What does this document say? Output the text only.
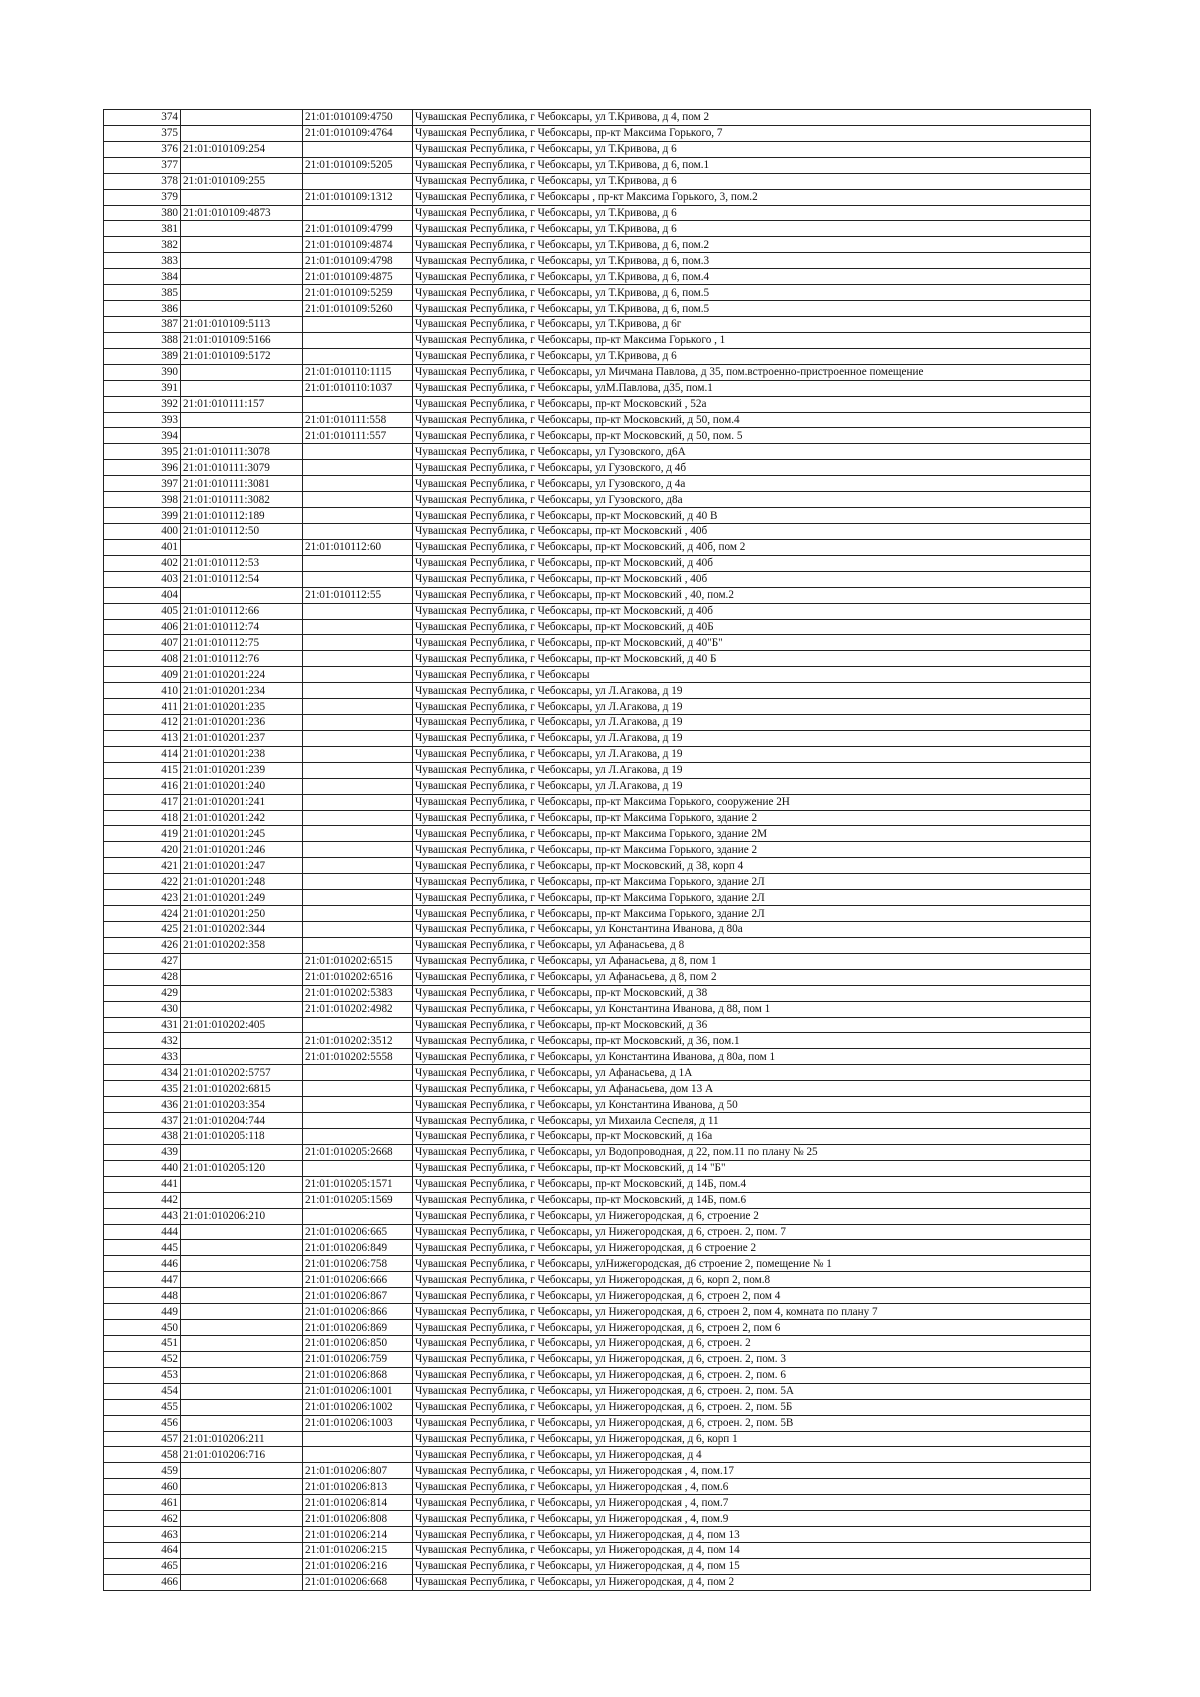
374		21:01:010109:4750	Чувашская Республика, г Чебоксары, ул Т.Кривова, д 4, пом 2
375		21:01:010109:4764	Чувашская Республика, г Чебоксары, пр-кт Максима Горького, 7
376	21:01:010109:254		Чувашская Республика, г Чебоксары, ул Т.Кривова, д 6
377		21:01:010109:5205	Чувашская Республика, г Чебоксары, ул Т.Кривова, д 6, пом.1
378	21:01:010109:255		Чувашская Республика, г Чебоксары, ул Т.Кривова, д 6
379		21:01:010109:1312	Чувашская Республика, г Чебоксары , пр-кт Максима Горького, 3, пом.2
380	21:01:010109:4873		Чувашская Республика, г Чебоксары, ул Т.Кривова, д 6
381		21:01:010109:4799	Чувашская Республика, г Чебоксары, ул Т.Кривова, д 6
382		21:01:010109:4874	Чувашская Республика, г Чебоксары, ул Т.Кривова, д 6, пом.2
383		21:01:010109:4798	Чувашская Республика, г Чебоксары, ул Т.Кривова, д 6, пом.3
384		21:01:010109:4875	Чувашская Республика, г Чебоксары, ул Т.Кривова, д 6, пом.4
385		21:01:010109:5259	Чувашская Республика, г Чебоксары, ул Т.Кривова, д 6, пом.5
386		21:01:010109:5260	Чувашская Республика, г Чебоксары, ул Т.Кривова, д 6, пом.5
387	21:01:010109:5113		Чувашская Республика, г Чебоксары, ул Т.Кривова, д 6г
388	21:01:010109:5166		Чувашская Республика, г Чебоксары, пр-кт Максима Горького , 1
389	21:01:010109:5172		Чувашская Республика, г Чебоксары, ул Т.Кривова, д 6
390		21:01:010110:1115	Чувашская Республика, г Чебоксары, ул Мичмана Павлова, д 35, пом.встроенно-пристроенное помещение
391		21:01:010110:1037	Чувашская Республика, г Чебоксары, улМ.Павлова, д35, пом.1
392	21:01:010111:157		Чувашская Республика, г Чебоксары, пр-кт Московский , 52а
393		21:01:010111:558	Чувашская Республика, г Чебоксары, пр-кт Московский, д 50, пом.4
394		21:01:010111:557	Чувашская Республика, г Чебоксары, пр-кт Московский, д 50, пом. 5
395	21:01:010111:3078		Чувашская Республика, г Чебоксары, ул Гузовского, д6А
396	21:01:010111:3079		Чувашская Республика, г Чебоксары, ул Гузовского, д 4б
397	21:01:010111:3081		Чувашская Республика, г Чебоксары, ул Гузовского, д 4а
398	21:01:010111:3082		Чувашская Республика, г Чебоксары, ул Гузовского, д8а
399	21:01:010112:189		Чувашская Республика, г Чебоксары, пр-кт Московский, д 40 В
400	21:01:010112:50		Чувашская Республика, г Чебоксары, пр-кт Московский , 40б
401		21:01:010112:60	Чувашская Республика, г Чебоксары, пр-кт Московский, д 40б, пом 2
402	21:01:010112:53		Чувашская Республика, г Чебоксары, пр-кт Московский, д 40б
403	21:01:010112:54		Чувашская Республика, г Чебоксары, пр-кт Московский , 40б
404		21:01:010112:55	Чувашская Республика, г Чебоксары, пр-кт Московский , 40, пом.2
405	21:01:010112:66		Чувашская Республика, г Чебоксары, пр-кт Московский, д 40б
406	21:01:010112:74		Чувашская Республика, г Чебоксары, пр-кт Московский, д 40Б
407	21:01:010112:75		Чувашская Республика, г Чебоксары, пр-кт Московский, д 40"Б"
408	21:01:010112:76		Чувашская Республика, г Чебоксары, пр-кт Московский, д 40 Б
409	21:01:010201:224		Чувашская Республика, г Чебоксары
410	21:01:010201:234		Чувашская Республика, г Чебоксары, ул Л.Агакова, д 19
411	21:01:010201:235		Чувашская Республика, г Чебоксары, ул Л.Агакова, д 19
412	21:01:010201:236		Чувашская Республика, г Чебоксары, ул Л.Агакова, д 19
413	21:01:010201:237		Чувашская Республика, г Чебоксары, ул Л.Агакова, д 19
414	21:01:010201:238		Чувашская Республика, г Чебоксары, ул Л.Агакова, д 19
415	21:01:010201:239		Чувашская Республика, г Чебоксары, ул Л.Агакова, д 19
416	21:01:010201:240		Чувашская Республика, г Чебоксары, ул Л.Агакова, д 19
417	21:01:010201:241		Чувашская Республика, г Чебоксары, пр-кт Максима Горького, сооружение 2Н
418	21:01:010201:242		Чувашская Республика, г Чебоксары, пр-кт Максима Горького, здание 2
419	21:01:010201:245		Чувашская Республика, г Чебоксары, пр-кт Максима Горького, здание 2М
420	21:01:010201:246		Чувашская Республика, г Чебоксары, пр-кт Максима Горького, здание 2
421	21:01:010201:247		Чувашская Республика, г Чебоксары, пр-кт Московский, д 38, корп 4
422	21:01:010201:248		Чувашская Республика, г Чебоксары, пр-кт Максима Горького, здание 2Л
423	21:01:010201:249		Чувашская Республика, г Чебоксары, пр-кт Максима Горького, здание 2Л
424	21:01:010201:250		Чувашская Республика, г Чебоксары, пр-кт Максима Горького, здание 2Л
425	21:01:010202:344		Чувашская Республика, г Чебоксары, ул Константина Иванова, д 80а
426	21:01:010202:358		Чувашская Республика, г Чебоксары, ул Афанасьева, д 8
427		21:01:010202:6515	Чувашская Республика, г Чебоксары, ул Афанасьева, д 8, пом 1
428		21:01:010202:6516	Чувашская Республика, г Чебоксары, ул Афанасьева, д 8, пом 2
429		21:01:010202:5383	Чувашская Республика, г Чебоксары, пр-кт Московский, д 38
430		21:01:010202:4982	Чувашская Республика, г Чебоксары, ул Константина Иванова, д 88, пом 1
431	21:01:010202:405		Чувашская Республика, г Чебоксары, пр-кт Московский, д 36
432		21:01:010202:3512	Чувашская Республика, г Чебоксары, пр-кт Московский, д 36, пом.1
433		21:01:010202:5558	Чувашская Республика, г Чебоксары, ул Константина Иванова, д 80а, пом 1
434	21:01:010202:5757		Чувашская Республика, г Чебоксары, ул Афанасьева, д 1А
435	21:01:010202:6815		Чувашская Республика, г Чебоксары, ул Афанасьева, дом 13 А
436	21:01:010203:354		Чувашская Республика, г Чебоксары, ул Константина Иванова, д 50
437	21:01:010204:744		Чувашская Республика, г Чебоксары, ул Михаила Сеспеля, д 11
438	21:01:010205:118		Чувашская Республика, г Чебоксары, пр-кт Московский, д 16а
439		21:01:010205:2668	Чувашская Республика, г Чебоксары, ул Водопроводная, д 22, пом.11 по плану № 25
440	21:01:010205:120		Чувашская Республика, г Чебоксары, пр-кт Московский, д 14 "Б"
441		21:01:010205:1571	Чувашская Республика, г Чебоксары, пр-кт Московский, д 14Б, пом.4
442		21:01:010205:1569	Чувашская Республика, г Чебоксары, пр-кт Московский, д 14Б, пом.6
443	21:01:010206:210		Чувашская Республика, г Чебоксары, ул Нижегородская, д 6, строение 2
444		21:01:010206:665	Чувашская Республика, г Чебоксары, ул Нижегородская, д 6, строен. 2, пом. 7
445		21:01:010206:849	Чувашская Республика, г Чебоксары, ул Нижегородская, д 6 строение 2
446		21:01:010206:758	Чувашская Республика, г Чебоксары, улНижегородская, д6 строение 2, помещение № 1
447		21:01:010206:666	Чувашская Республика, г Чебоксары, ул Нижегородская, д 6, корп 2, пом.8
448		21:01:010206:867	Чувашская Республика, г Чебоксары, ул Нижегородская, д 6, строен 2, пом 4
449		21:01:010206:866	Чувашская Республика, г Чебоксары, ул Нижегородская, д 6, строен 2, пом 4, комната по плану 7
450		21:01:010206:869	Чувашская Республика, г Чебоксары, ул Нижегородская, д 6, строен 2, пом 6
451		21:01:010206:850	Чувашская Республика, г Чебоксары, ул Нижегородская, д 6, строен. 2
452		21:01:010206:759	Чувашская Республика, г Чебоксары, ул Нижегородская, д 6, строен. 2, пом. 3
453		21:01:010206:868	Чувашская Республика, г Чебоксары, ул Нижегородская, д 6, строен. 2, пом. 6
454		21:01:010206:1001	Чувашская Республика, г Чебоксары, ул Нижегородская, д 6, строен. 2, пом. 5А
455		21:01:010206:1002	Чувашская Республика, г Чебоксары, ул Нижегородская, д 6, строен. 2, пом. 5Б
456		21:01:010206:1003	Чувашская Республика, г Чебоксары, ул Нижегородская, д 6, строен. 2, пом. 5В
457	21:01:010206:211		Чувашская Республика, г Чебоксары, ул Нижегородская, д 6, корп 1
458	21:01:010206:716		Чувашская Республика, г Чебоксары, ул Нижегородская, д 4
459		21:01:010206:807	Чувашская Республика, г Чебоксары, ул Нижегородская , 4, пом.17
460		21:01:010206:813	Чувашская Республика, г Чебоксары, ул Нижегородская , 4, пом.6
461		21:01:010206:814	Чувашская Республика, г Чебоксары, ул Нижегородская , 4, пом.7
462		21:01:010206:808	Чувашская Республика, г Чебоксары, ул Нижегородская , 4, пом.9
463		21:01:010206:214	Чувашская Республика, г Чебоксары, ул Нижегородская, д 4, пом 13
464		21:01:010206:215	Чувашская Республика, г Чебоксары, ул Нижегородская, д 4, пом 14
465		21:01:010206:216	Чувашская Республика, г Чебоксары, ул Нижегородская, д 4, пом 15
466		21:01:010206:668	Чувашская Республика, г Чебоксары, ул Нижегородская, д 4, пом 2
